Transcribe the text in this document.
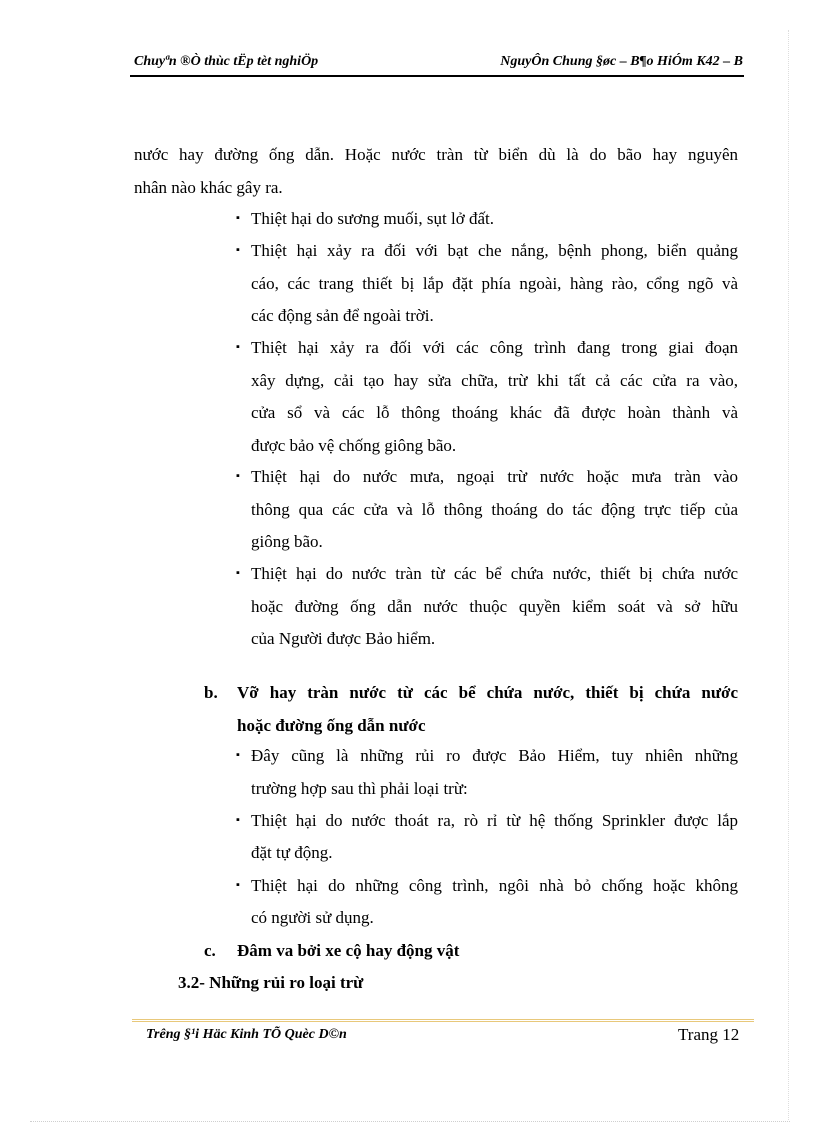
Chuyªn ®Ò thùc tËp tèt nghiÖp	NguyÔn Chung §øc – B¶o HiÓm K42 – B
nước hay đường ống dẫn. Hoặc nước tràn từ biển dù là do bão hay nguyên
nhân nào khác gây ra.
▪ Thiệt hại do sương muối, sụt lở đất.
▪ Thiệt hại xảy ra đối với bạt che nắng, bệnh phong, biển quảng
cáo, các trang thiết bị lắp đặt phía ngoài, hàng rào, cổng ngõ và
các động sản để ngoài trời.
▪ Thiệt hại xảy ra đối với các công trình đang trong giai đoạn
xây dựng, cải tạo hay sửa chữa, trừ khi tất cả các cửa ra vào,
cửa sổ và các lỗ thông thoáng khác đã được hoàn thành và
được bảo vệ chống giông bão.
▪ Thiệt hại do nước mưa, ngoại trừ nước hoặc mưa tràn vào
thông qua các cửa và lỗ thông thoáng do tác động trực tiếp của
giông bão.
▪ Thiệt hại do nước tràn từ các bể chứa nước, thiết bị chứa nước
hoặc đường ống dẫn nước thuộc quyền kiểm soát và sở hữu
của Người được Bảo hiểm.
b. Vỡ hay tràn nước từ các bể chứa nước, thiết bị chứa nước
hoặc đường ống dẫn nước
▪ Đây cũng là những rủi ro được Bảo Hiểm, tuy nhiên những
trường hợp sau thì phải loại trừ:
▪ Thiệt hại do nước thoát ra, rò rỉ từ hệ thống Sprinkler được lắp
đặt tự động.
▪ Thiệt hại do những công trình, ngôi nhà bỏ chống hoặc không
có người sử dụng.
c. Đâm va bởi xe cộ hay động vật
3.2- Những rủi ro loại trừ
Trêng §¹i Häc Kinh TÕ Quèc D©n	Trang 12
